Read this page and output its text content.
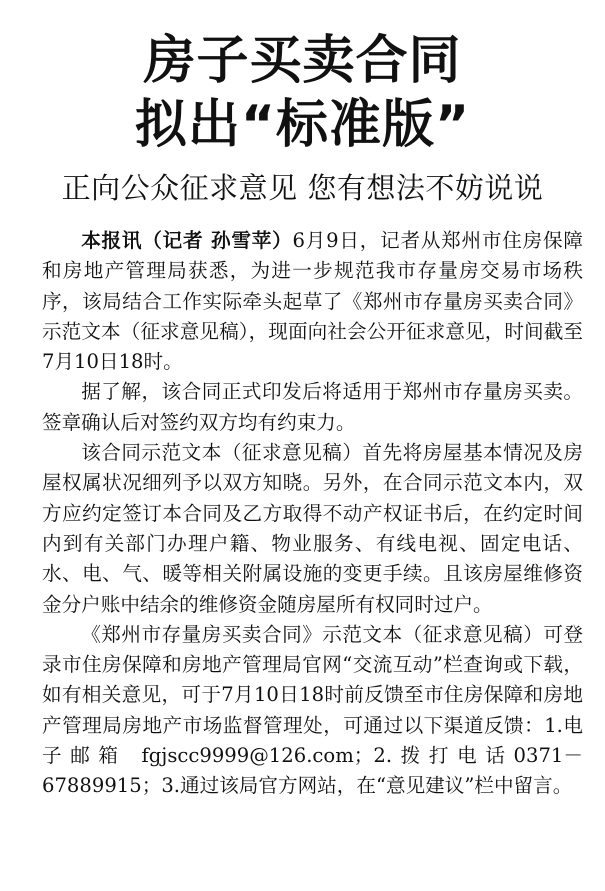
房子买卖合同
拟出“标准版”
正向公众征求意见 您有想法不妨说说

本报讯（记者 孙雪苹）6月9日，记者从郑州市住房保障和房地产管理局获悉，为进一步规范我市存量房交易市场秩序，该局结合工作实际牵头起草了《郑州市存量房买卖合同》示范文本（征求意见稿），现面向社会公开征求意见，时间截至7月10日18时。

据了解，该合同正式印发后将适用于郑州市存量房买卖。签章确认后对签约双方均有约束力。

该合同示范文本（征求意见稿）首先将房屋基本情况及房屋权属状况细列予以双方知晓。另外，在合同示范文本内，双方应约定签订本合同及乙方取得不动产权证书后，在约定时间内到有关部门办理户籍、物业服务、有线电视、固定电话、水、电、气、暖等相关附属设施的变更手续。且该房屋维修资金分户账中结余的维修资金随房屋所有权同时过户。

《郑州市存量房买卖合同》示范文本（征求意见稿）可登录市住房保障和房地产管理局官网“交流互动”栏查询或下载，如有相关意见，可于7月10日18时前反馈至市住房保障和房地产管理局房地产市场监督管理处，可通过以下渠道反馈：1.电子邮箱 fgjscc9999@126.com；2.拨打电话0371－67889915；3.通过该局官方网站，在“意见建议”栏中留言。
